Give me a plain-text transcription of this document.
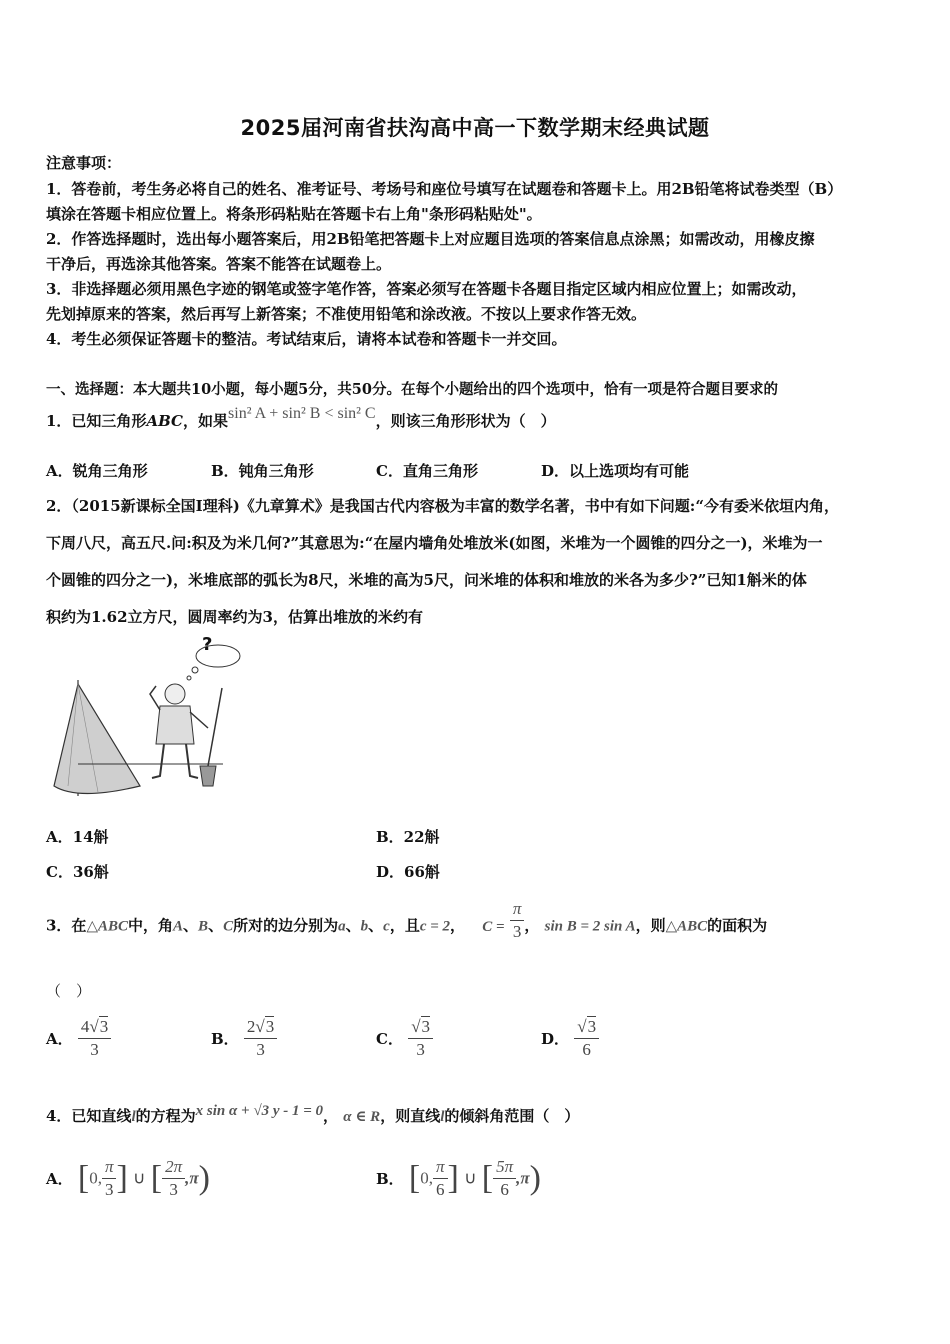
2025届河南省扶沟高中高一下数学期末经典试题
注意事项：
1．答卷前，考生务必将自己的姓名、准考证号、考场号和座位号填写在试题卷和答题卡上。用2B铅笔将试卷类型（B）
填涂在答题卡相应位置上。将条形码粘贴在答题卡右上角"条形码粘贴处"。
2．作答选择题时，选出每小题答案后，用2B铅笔把答题卡上对应题目选项的答案信息点涂黑；如需改动，用橡皮擦
干净后，再选涂其他答案。答案不能答在试题卷上。
3．非选择题必须用黑色字迹的钢笔或签字笔作答，答案必须写在答题卡各题目指定区域内相应位置上；如需改动，
先划掉原来的答案，然后再写上新答案；不准使用铅笔和涂改液。不按以上要求作答无效。
4．考生必须保证答题卡的整洁。考试结束后，请将本试卷和答题卡一并交回。
一、选择题：本大题共10小题，每小题5分，共50分。在每个小题给出的四个选项中，恰有一项是符合题目要求的
1．已知三角形ABC，如果sin² A + sin² B < sin² C，则该三角形形状为（　）
A．锐角三角形	B．钝角三角形	C．直角三角形	D．以上选项均有可能
2．（2015新课标全国I理科)《九章算术》是我国古代内容极为丰富的数学名著，书中有如下问题:“今有委米依垣内角，
下周八尺，高五尺.问:积及为米几何?”其意思为:“在屋内墙角处堆放米(如图，米堆为一个圆锥的四分之一)，米堆为一
个圆锥的四分之一)，米堆底部的弧长为8尺，米堆的高为5尺，问米堆的体积和堆放的米各为多少?”已知1斛米的体
积约为1.62立方尺，圆周率约为3，估算出堆放的米约有
?
A．14斛	B．22斛
C．36斛	D．66斛
3．在△ABC中，角A、B、C所对的边分别为a、b、c，且c = 2， $C = \frac{\pi}{3}$ ， sin B = 2 sin A，则△ABC的面积为
（　）
A． $\frac{4√3}{3}$	B． $\frac{2√3}{3}$	C． $\frac{√3}{3}$	D． $\frac{√3}{6}$
4．已知直线l的方程为x sin α + √3 y - 1 = 0， α ∈ R，则直线l的倾斜角范围（　）
A． [0, $\frac{\pi}{3}$ ] ∪ [ $\frac{2\pi}{3} ,\pi$)	B． [0, $\frac{\pi}{6}$ ] ∪ [ $\frac{5\pi}{6} ,\pi$)
